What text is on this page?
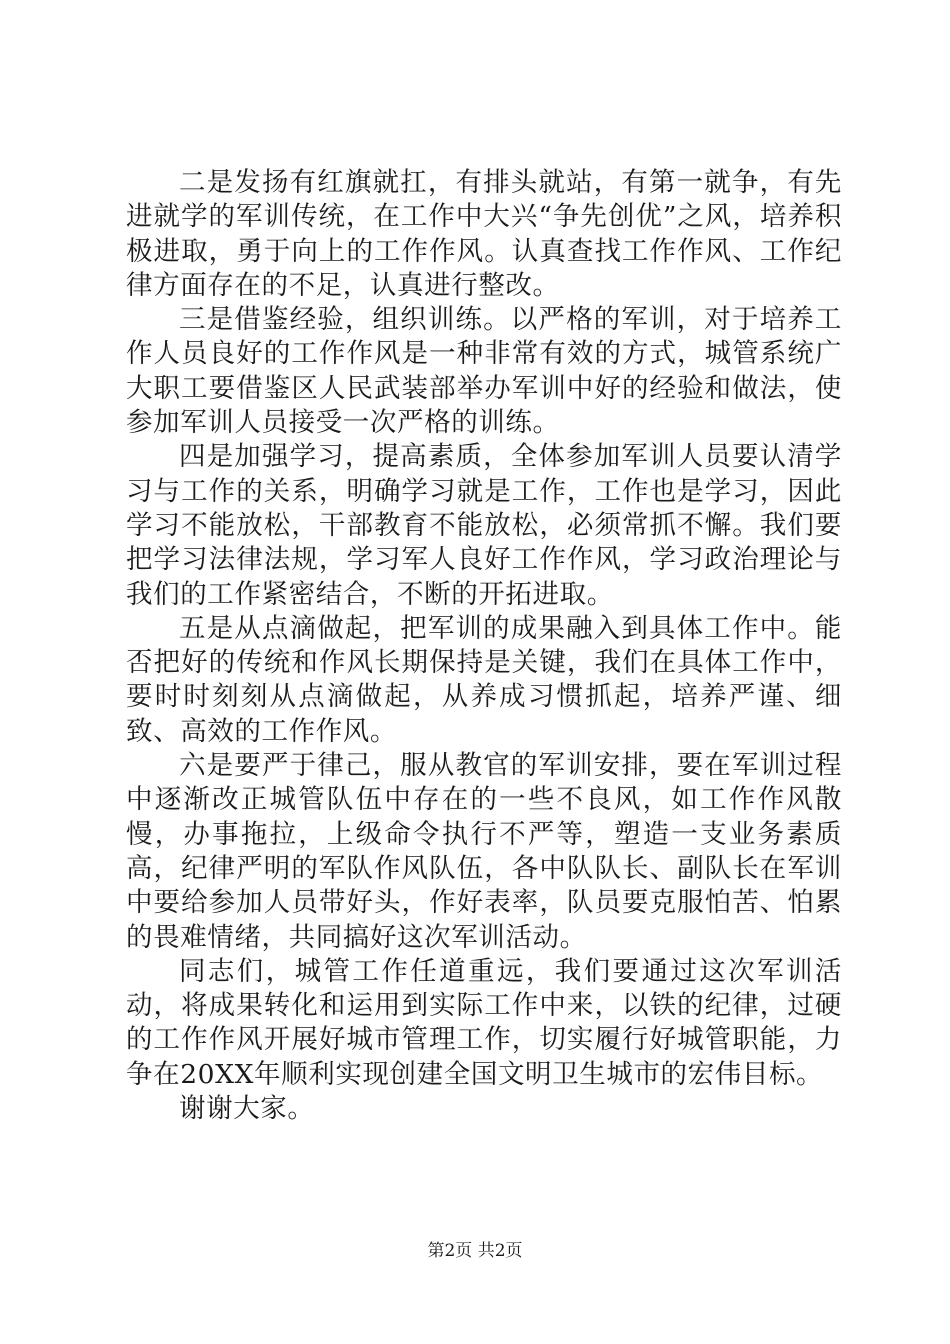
二是发扬有红旗就扛，有排头就站，有第一就争，有先进就学的军训传统，在工作中大兴“争先创优”之风，培养积极进取，勇于向上的工作作风。认真查找工作作风、工作纪律方面存在的不足，认真进行整改。

三是借鉴经验，组织训练。以严格的军训，对于培养工作人员良好的工作作风是一种非常有效的方式，城管系统广大职工要借鉴区人民武装部举办军训中好的经验和做法，使参加军训人员接受一次严格的训练。

四是加强学习，提高素质，全体参加军训人员要认清学习与工作的关系，明确学习就是工作，工作也是学习，因此学习不能放松，干部教育不能放松，必须常抓不懈。我们要把学习法律法规，学习军人良好工作作风，学习政治理论与我们的工作紧密结合，不断的开拓进取。

五是从点滴做起，把军训的成果融入到具体工作中。能否把好的传统和作风长期保持是关键，我们在具体工作中，要时时刻刻从点滴做起，从养成习惯抓起，培养严谨、细致、高效的工作作风。

六是要严于律己，服从教官的军训安排，要在军训过程中逐渐改正城管队伍中存在的一些不良风，如工作作风散慢，办事拖拉，上级命令执行不严等，塑造一支业务素质高，纪律严明的军队作风队伍，各中队队长、副队长在军训中要给参加人员带好头，作好表率，队员要克服怕苦、怕累的畏难情绪，共同搞好这次军训活动。

同志们，城管工作任道重远，我们要通过这次军训活动，将成果转化和运用到实际工作中来，以铁的纪律，过硬的工作作风开展好城市管理工作，切实履行好城管职能，力争在20XX年顺利实现创建全国文明卫生城市的宏伟目标。

谢谢大家。

第2页 共2页
